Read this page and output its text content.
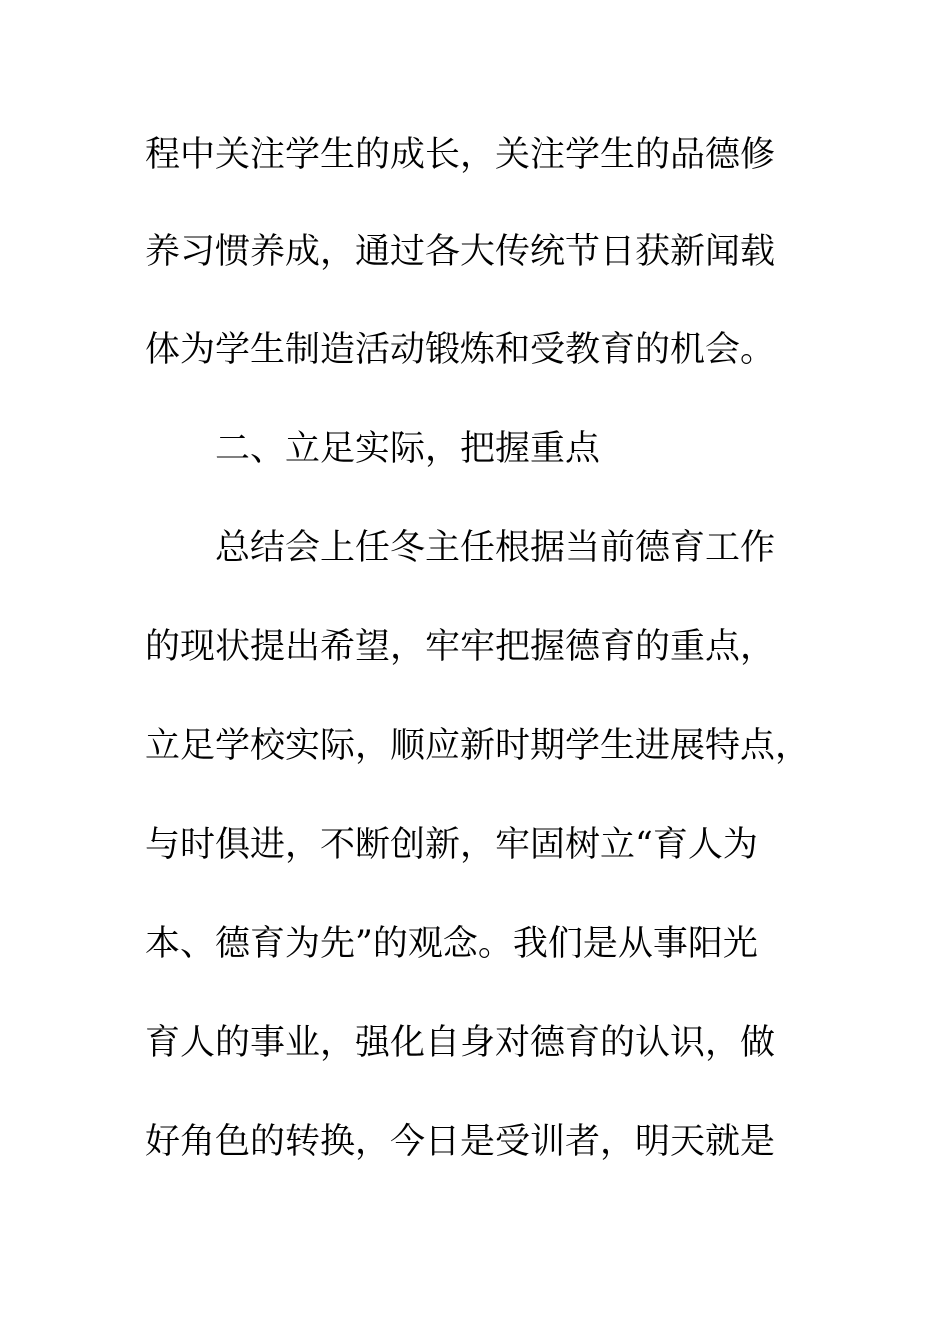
程中关注学生的成长，关注学生的品德修
养习惯养成，通过各大传统节日获新闻载
体为学生制造活动锻炼和受教育的机会。
二、立足实际，把握重点
总结会上任冬主任根据当前德育工作
的现状提出希望，牢牢把握德育的重点，
立足学校实际，顺应新时期学生进展特点，
与时俱进，不断创新，牢固树立“育人为
本、德育为先”的观念。我们是从事阳光
育人的事业，强化自身对德育的认识，做
好角色的转换，今日是受训者，明天就是
